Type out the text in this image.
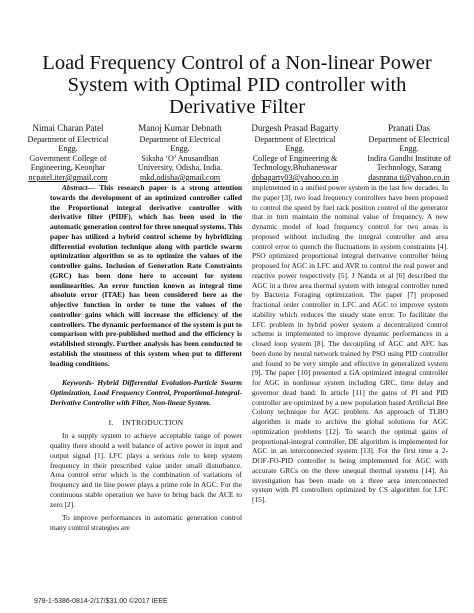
Load Frequency Control of a Non-linear Power System with Optimal PID controller with Derivative Filter
Nimai Charan Patel
Department of Electrical
Engg.
Government College of
Engineering, Keonjhar
ncpatel.iter@gmail.com
Manoj Kumar Debnath
Department of Electrical
Engg.
Siksha ‘O’ Anusandhan
University, Odisha, India.
mkd.odisha@gmail.com
Durgesh Prasad Bagarty
Department of Electrical
Engg.
College of Engineering &
Technology,Bhubaneswar
dpbagarty03@yahoo.co.in
Pranati Das
Department of Electrical
Engg.
Indira Gandhi Institute of
Technology, Sarang
dasprana ti@yahoo.co.in

Abstract— This research paper is a strong attention towards the development of an optimized controller called the Proportional integral derivative controller with derivative filter (PIDF), which has been used in the automatic generation control for three unequal systems. This paper has utilized a hybrid control scheme by hybridizing differential evolution technique along with particle swarm optimization algorithm so as to optimize the values of the controller gains. Inclusion of Generation Rate Constraints (GRC) has been done here to account for system nonlinearities. An error function known as integral time absolute error (ITAE) has been considered here as the objective function in order to tune the values of the controller gains which will increase the efficiency of the controllers. The dynamic performance of the system is put to comparison with pre-published method and the efficiency is established strongly. Further analysis has been conducted to establish the stoutness of this system when put to different loading conditions.

Keywords- Hybrid Differential Evolution-Particle Swarm Optimization, Load Frequency Control, Proportional-Integral-Derivative Controller with Filter, Non-linear System.

I. INTRODUCTION

In a supply system to achieve acceptable range of power quality there should a well balance of active power in input and output signal [1]. LFC plays a serious role to keep system frequency in their prescribed value under small disturbance. Area control error which is the combination of variations of frequency and tie line power plays a prime role in AGC. For the continuous stable operation we have to bring back the ACE to zero [2].

To improve performances in automatic generation control many control strategies are

implemented in a unified power system in the last few decades. In the paper [3], two load frequency controllers have been proposed to control the speed by fuel rack position control of the generator that in turn maintain the nominal value of frequency. A new dynamic model of load frequency control for two areas is proposed without including the integral controller and area control error to quench the fluctuations in system constraints [4]. PSO optimized proportional integral derivative controller being proposed for AGC in LFC and AVR to control the real power and reactive power respectively [5]. J Nanda et al [6] described the AGC in a three area thermal system with integral controller tuned by Bacteria Foraging optimization. The paper [7] proposed fractional order controller in LFC and AGC to improve system stability which reduces the steady state error. To facilitate the LFC problem in hybrid power system a decentralized control scheme is implemented to improve dynamic performances in a closed loop system [8]. The decoupling of AGC and AFC has been done by neural network trained by PSO using PID controller and found to be very simple and effective in generalized system [9]. The paper [10] presented a GA optimized integral controller for AGC in nonlinear system including GRC, time delay and governor dead band. In article [11] the gains of PI and PID controller are optimized by a new population based Artificial Bee Colony technique for AGC problem. An approach of TLBO algorithm is made to archive the global solutions for AGC optimization problems [12]. To search the optimal gains of proportional-integral controller, DE algorithm is implemented for AGC in an interconnected system [13]. For the first time a 2-DOF-FO-PID controller is being implemented for AGC with accurate GRCs on the three unequal thermal systems [14]. An investigation has been made on a three area interconnected system with PI controllers optimized by CS algorithm for LFC [15].

978-1-5386-0814-2/17/$31.00 ©2017 IEEE
